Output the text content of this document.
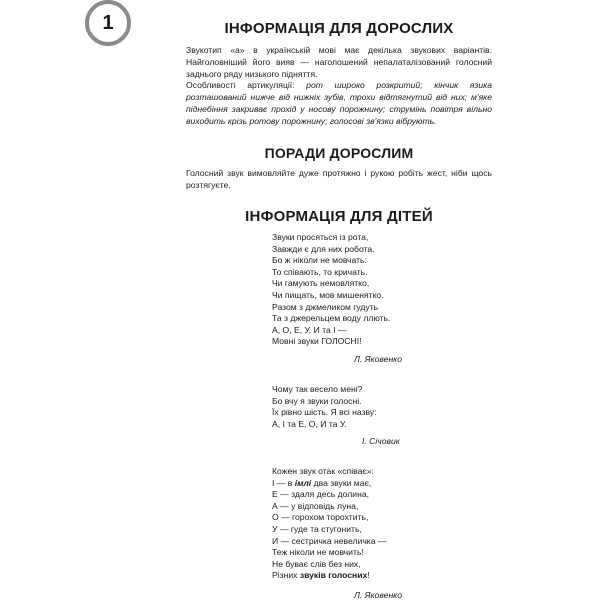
1	ІНФОРМАЦІЯ ДЛЯ ДОРОСЛИХ

Звукотип «а» в українській мові має декілька звукових варіантів. Найголовніший його вияв — наголошений непалаталізований голосний заднього ряду низького підняття.

Особливості артикуляції: рот широко розкритий; кінчик язика розташований нижче від нижніх зубів, трохи відтягнутий від них; м'яке піднебіння закриває прохід у носову порожнину; струмінь повітря вільно виходить крізь ротову порожнину; голосові зв'язки вібрують.

ПОРАДИ ДОРОСЛИМ
Голосний звук вимовляйте дуже протяжно і рукою робіть жест, ніби щось розтягуєте.
ІНФОРМАЦІЯ ДЛЯ ДІТЕЙ
Звуки просяться із рота,
Завжди є для них робота.
Бо ж ніколи не мовчать:
То співають, то кричать.
Чи гамують немовлятко,
Чи пищать, мов мишенятко.
Разом з джмеликом гудуть
Та з джерельцем воду ллють.
А, О, Е, У, И та І —
Мовні звуки ГОЛОСНІ!
Л. Яковенко
Чому так весело мені?
Бо вчу я звуки голосні.
Їх рівно шість. Я всі назву:
А, І та Е, О, И та У.
І. Січовик
Кожен звук отак «співає»:
І — в імлі два звуки має,
Е — здаля десь долина,
А — у відповідь луна,
О — горохом торохтить,
У — гуде та стугонить,
И — сестричка невеличка —
Теж ніколи не мовчить!
Не буває слів без них,
Різних звуків голосних!
Л. Яковенко
